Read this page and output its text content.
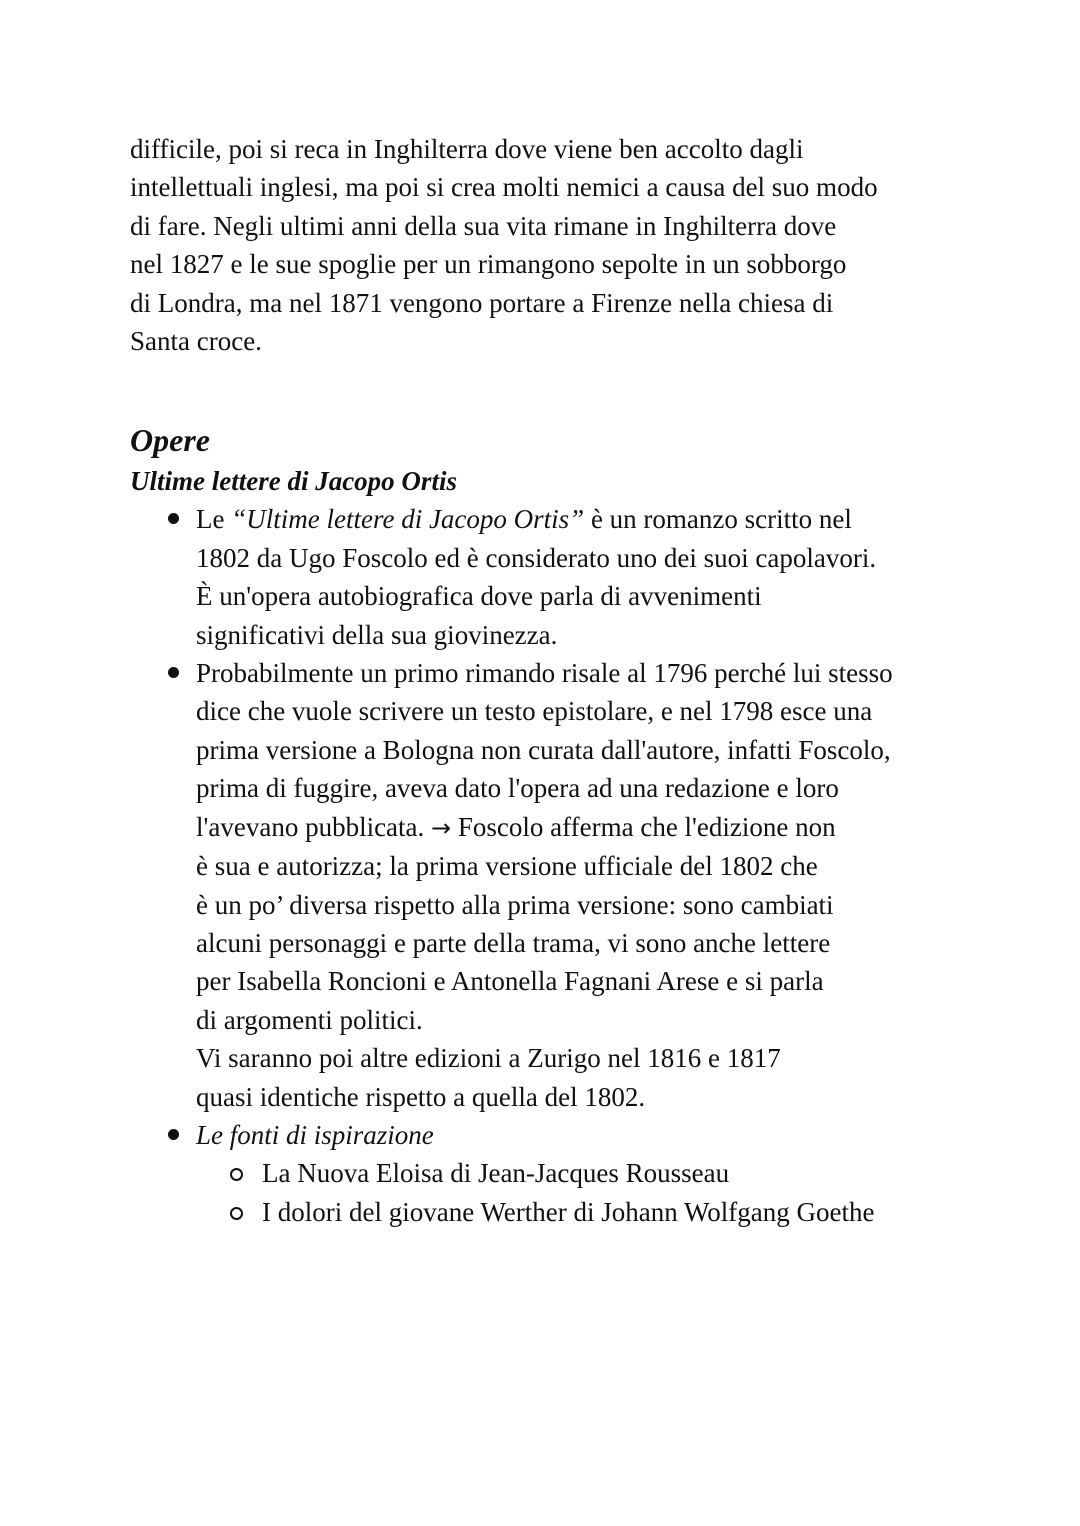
difficile, poi si reca in Inghilterra dove viene ben accolto dagli
intellettuali inglesi, ma poi si crea molti nemici a causa del suo modo
di fare. Negli ultimi anni della sua vita rimane in Inghilterra dove
nel 1827 e le sue spoglie per un rimangono sepolte in un sobborgo
di Londra, ma nel 1871 vengono portare a Firenze nella chiesa di
Santa croce.

Opere
Ultime lettere di Jacopo Ortis
Le “Ultime lettere di Jacopo Ortis” è un romanzo scritto nel
1802 da Ugo Foscolo ed è considerato uno dei suoi capolavori.
È un'opera autobiografica dove parla di avvenimenti
significativi della sua giovinezza.
Probabilmente un primo rimando risale al 1796 perché lui stesso
dice che vuole scrivere un testo epistolare, e nel 1798 esce una
prima versione a Bologna non curata dall'autore, infatti Foscolo,
prima di fuggire, aveva dato l'opera ad una redazione e loro
l'avevano pubblicata. → Foscolo afferma che l'edizione non
è sua e autorizza; la prima versione ufficiale del 1802 che
è un po’ diversa rispetto alla prima versione: sono cambiati
alcuni personaggi e parte della trama, vi sono anche lettere
per Isabella Roncioni e Antonella Fagnani Arese e si parla
di argomenti politici.
Vi saranno poi altre edizioni a Zurigo nel 1816 e 1817
quasi identiche rispetto a quella del 1802.
Le fonti di ispirazione
La Nuova Eloisa di Jean-Jacques Rousseau
I dolori del giovane Werther di Johann Wolfgang Goethe
